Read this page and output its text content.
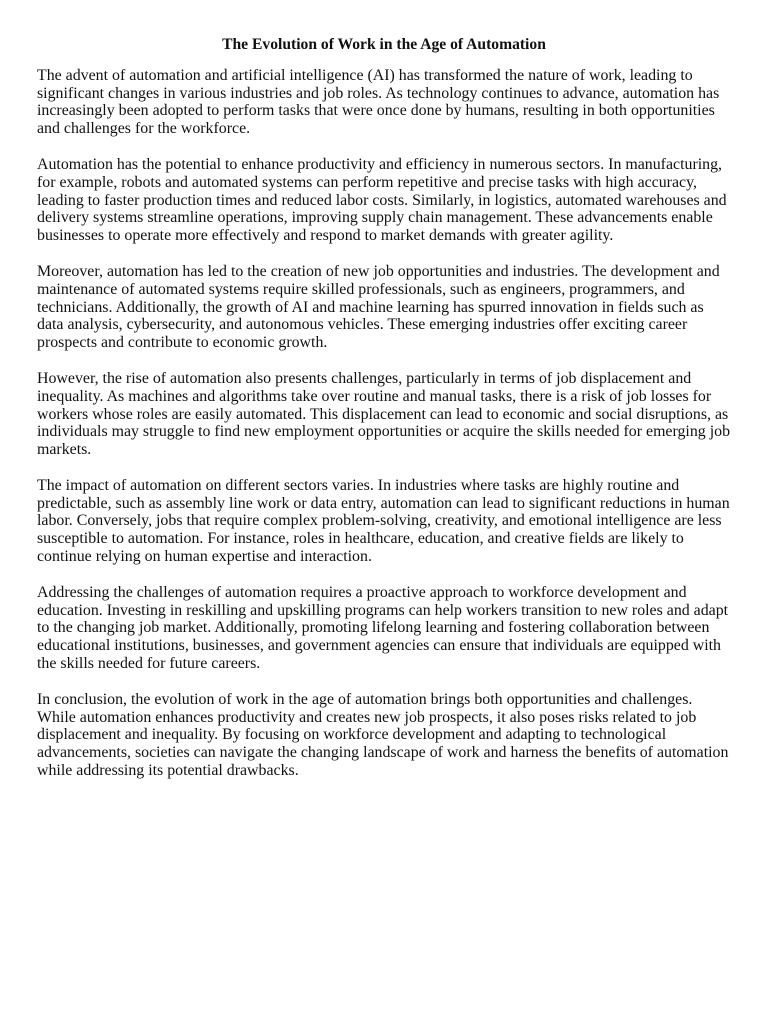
The Evolution of Work in the Age of Automation

The advent of automation and artificial intelligence (AI) has transformed the nature of work, leading to significant changes in various industries and job roles. As technology continues to advance, automation has increasingly been adopted to perform tasks that were once done by humans, resulting in both opportunities and challenges for the workforce.

Automation has the potential to enhance productivity and efficiency in numerous sectors. In manufacturing, for example, robots and automated systems can perform repetitive and precise tasks with high accuracy, leading to faster production times and reduced labor costs. Similarly, in logistics, automated warehouses and delivery systems streamline operations, improving supply chain management. These advancements enable businesses to operate more effectively and respond to market demands with greater agility.

Moreover, automation has led to the creation of new job opportunities and industries. The development and maintenance of automated systems require skilled professionals, such as engineers, programmers, and technicians. Additionally, the growth of AI and machine learning has spurred innovation in fields such as data analysis, cybersecurity, and autonomous vehicles. These emerging industries offer exciting career prospects and contribute to economic growth.

However, the rise of automation also presents challenges, particularly in terms of job displacement and inequality. As machines and algorithms take over routine and manual tasks, there is a risk of job losses for workers whose roles are easily automated. This displacement can lead to economic and social disruptions, as individuals may struggle to find new employment opportunities or acquire the skills needed for emerging job markets.

The impact of automation on different sectors varies. In industries where tasks are highly routine and predictable, such as assembly line work or data entry, automation can lead to significant reductions in human labor. Conversely, jobs that require complex problem-solving, creativity, and emotional intelligence are less susceptible to automation. For instance, roles in healthcare, education, and creative fields are likely to continue relying on human expertise and interaction.

Addressing the challenges of automation requires a proactive approach to workforce development and education. Investing in reskilling and upskilling programs can help workers transition to new roles and adapt to the changing job market. Additionally, promoting lifelong learning and fostering collaboration between educational institutions, businesses, and government agencies can ensure that individuals are equipped with the skills needed for future careers.

In conclusion, the evolution of work in the age of automation brings both opportunities and challenges. While automation enhances productivity and creates new job prospects, it also poses risks related to job displacement and inequality. By focusing on workforce development and adapting to technological advancements, societies can navigate the changing landscape of work and harness the benefits of automation while addressing its potential drawbacks.
